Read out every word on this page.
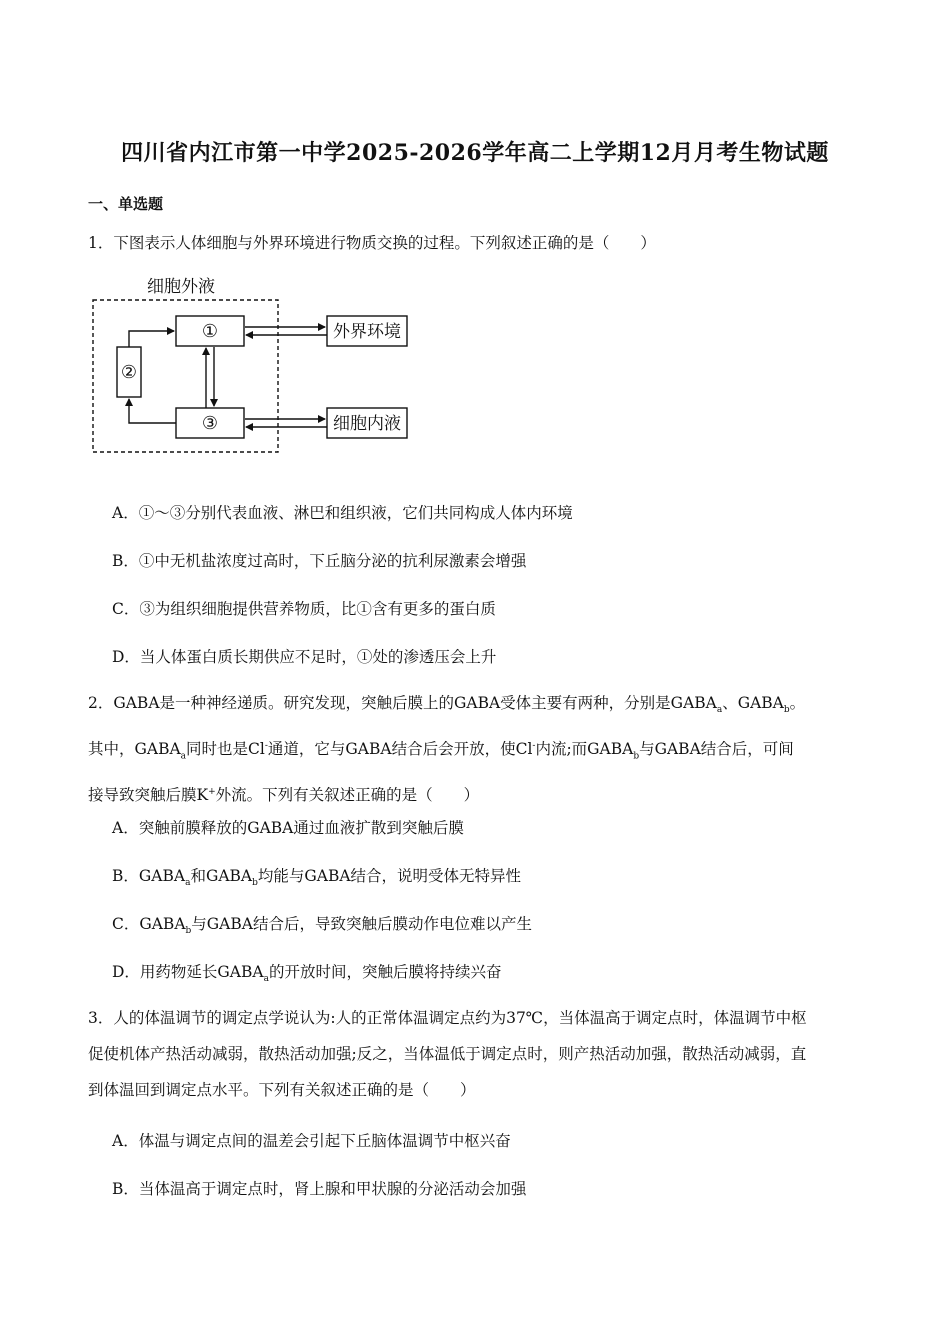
四川省内江市第一中学2025-2026学年高二上学期12月月考生物试题
一、单选题
1．下图表示人体细胞与外界环境进行物质交换的过程。下列叙述正确的是（　　）
细胞外液
①
②
③
外界环境
细胞内液
A．①～③分别代表血液、淋巴和组织液，它们共同构成人体内环境
B．①中无机盐浓度过高时，下丘脑分泌的抗利尿激素会增强
C．③为组织细胞提供营养物质，比①含有更多的蛋白质
D．当人体蛋白质长期供应不足时，①处的渗透压会上升
2．GABA是一种神经递质。研究发现，突触后膜上的GABA受体主要有两种，分别是$GABA_a$、$GABA_b$。
其中，$GABA_a$同时也是Cl-通道，它与GABA结合后会开放，使Cl-内流;而$GABA_b$与GABA结合后，可间
接导致突触后膜K+外流。下列有关叙述正确的是（　　）
A．突触前膜释放的GABA通过血液扩散到突触后膜
B．$GABA_a$和$GABA_b$均能与GABA结合，说明受体无特异性
C．$GABA_b$与GABA结合后，导致突触后膜动作电位难以产生
D．用药物延长$GABA_a$的开放时间，突触后膜将持续兴奋
3．人的体温调节的调定点学说认为:人的正常体温调定点约为37℃，当体温高于调定点时，体温调节中枢
促使机体产热活动减弱，散热活动加强;反之，当体温低于调定点时，则产热活动加强，散热活动减弱，直
到体温回到调定点水平。下列有关叙述正确的是（　　）
A．体温与调定点间的温差会引起下丘脑体温调节中枢兴奋
B．当体温高于调定点时，肾上腺和甲状腺的分泌活动会加强
